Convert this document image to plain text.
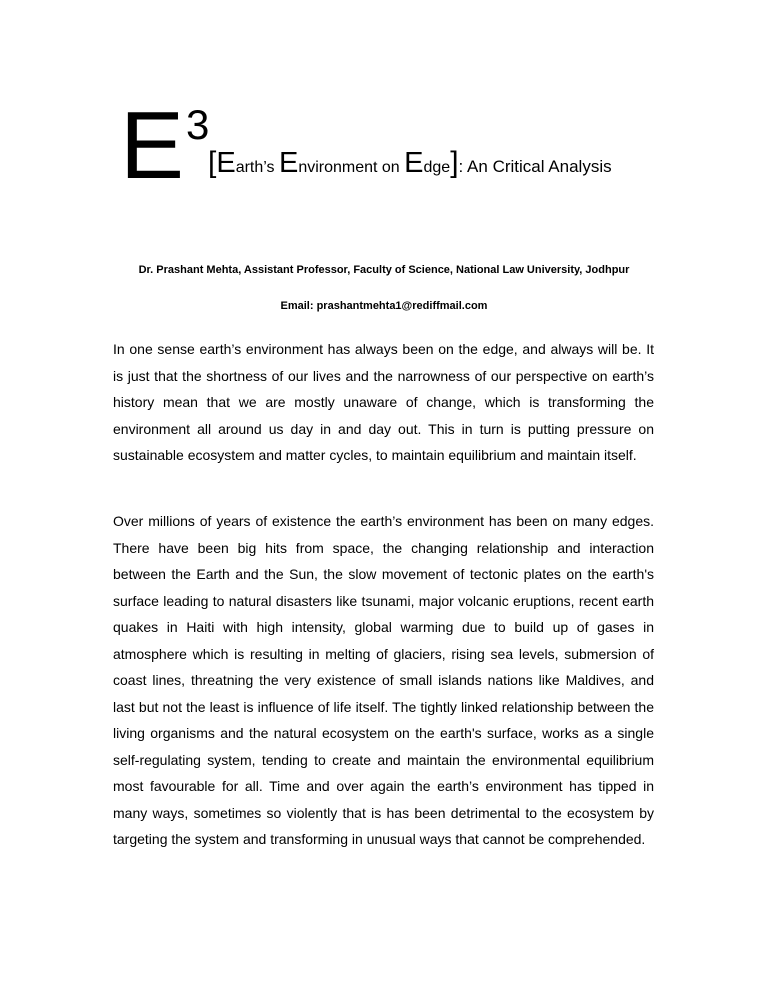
E 3
[Earth’s Environment on Edge]: An Critical Analysis
Dr. Prashant Mehta, Assistant Professor, Faculty of Science, National Law University, Jodhpur
Email: prashantmehta1@rediffmail.com

In one sense earth’s environment has always been on the edge, and always will be. It is just that the shortness of our lives and the narrowness of our perspective on earth’s history mean that we are mostly unaware of change, which is transforming the environment all around us day in and day out. This in turn is putting pressure on sustainable ecosystem and matter cycles, to maintain equilibrium and maintain itself.

Over millions of years of existence the earth’s environment has been on many edges. There have been big hits from space, the changing relationship and interaction between the Earth and the Sun, the slow movement of tectonic plates on the earth's surface leading to natural disasters like tsunami, major volcanic eruptions, recent earth quakes in Haiti with high intensity, global warming due to build up of gases in atmosphere which is resulting in melting of glaciers, rising sea levels, submersion of coast lines, threatning the very existence of small islands nations like Maldives, and last but not the least is influence of life itself. The tightly linked relationship between the living organisms and the natural ecosystem on the earth's surface, works as a single self-regulating system, tending to create and maintain the environmental equilibrium most favourable for all. Time and over again the earth’s environment has tipped in many ways, sometimes so violently that is has been detrimental to the ecosystem by targeting the system and transforming in unusual ways that cannot be comprehended.
